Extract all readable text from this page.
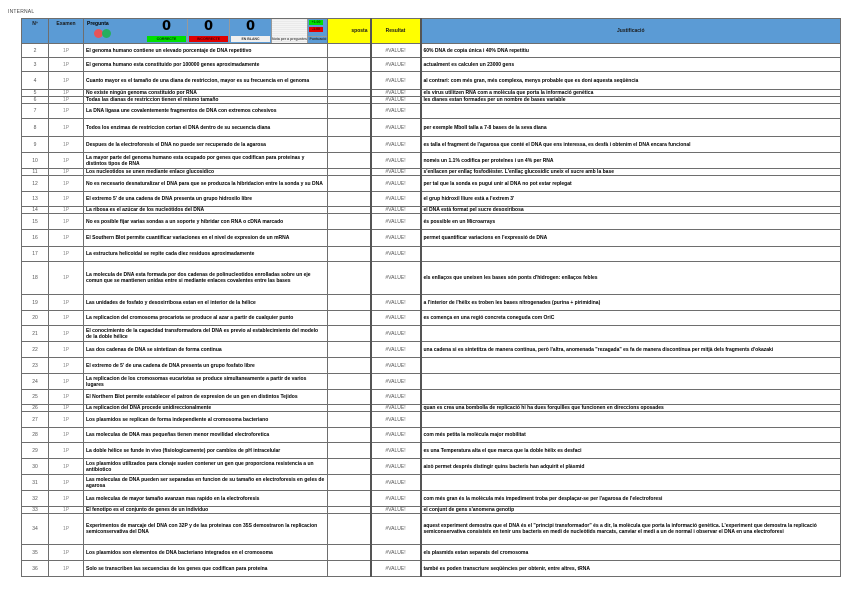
INTERNAL
Nº	Examen	Pregunta
	0
CORRECTE
0
INCORRECTE
0
EN BLANC	Nota per a preguntes
+1.00
-1.00
Puntuació
	sposta	Resultat	Justificació
2	1P	El genoma humano contiene un elevado porcentaje de DNA repetitivo		#VALUE!	60% DNA de copia única i 40% DNA repetitiu
3	1P	El genoma humano esta constituido por 100000 genes aproximadamente		#VALUE!	actualment es calculen un 23000 gens
4	1P	Cuanto mayor es el tamaño de una diana de restriccion, mayor es su frecuencia en el genoma		#VALUE!	al contrari: com més gran, més complexa, menys probable que es doni aquesta seqüència
5	1P	No existe ningún genoma constituido por RNA		#VALUE!	els virus utilitzen RNA com a molècula que porta la informació genètica
6	1P	Todas las dianas de restriccion tienen el mismo tamaño		#VALUE!	les dianes estan formades per un nombre de bases variable
7	1P	La DNA ligasa une covalentemente fragmentos de DNA con extremos cohesivos		#VALUE!	
8	1P	Todos los enzimas de restriccion cortan el DNA dentro de su secuencia diana		#VALUE!	per exemple MboII talla a 7-8 bases de la seva diana
9	1P	Despues de la electroforesis el DNA no puede ser recuperado de la agarosa		#VALUE!	es talla el fragment de l'agarosa que conté el DNA que ens interessa, es desfà i obtenim el DNA encara funcional
10	1P	La mayor parte del genoma humano esta ocupado por genes que codifican para proteinas y distintos tipos de RNA		#VALUE!	només un 1.1% codifica per proteïnes i un 4% per RNA
11	1P	Los nucleotidos se unen mediante enlace glucosidico		#VALUE!	s'enllacen per enllaç fosfodièster. L'enllaç glucosídic uneix el sucre amb la base
12	1P	No es necesario desnaturalizar el DNA para que se produzca la hibridacion entre la sonda y su DNA		#VALUE!	per tal que la sonda es pugui unir al DNA no pot estar replegat
13	1P	El extremo 5' de una cadena de DNA presenta un grupo hidroxilo libre		#VALUE!	el grup hidroxil lliure està a l'extrem 3'
14	1P	La ribosa es el azúcar de los nucleótidos del DNA		#VALUE!	el DNA està format pel sucre desoxiribosa
15	1P	No es posible fijar varias sondas a un soporte y hibridar con RNA o cDNA marcado		#VALUE!	és possible en un Microarrays
16	1P	El Southern Blot permite cuantificar variaciones en el nivel de expresion de un mRNA		#VALUE!	permet quantificar variacions en l'expressió de DNA
17	1P	La estructura helicoidal se repite cada diez residuos aproximadamente		#VALUE!	
18	1P	La molecula de DNA esta formada por dos cadenas de polinucleotidos enrolladas sobre un eje comun que se mantienen unidas entre si mediante enlaces covalentes entre las bases		#VALUE!	els enllaços que uneixen les bases són ponts d'hidrogen: enllaços febles
19	1P	Las unidades de fosfato y desoxirribosa estan en el interior de la hélice		#VALUE!	a l'interior de l'hèlix es troben les bases nitrogenades (purina + pirimidina)
20	1P	La replicacion del cromosoma procariota se produce al azar a partir de cualquier punto		#VALUE!	es comença en una regió concreta coneguda com OriC
21	1P	El conocimiento de la capacidad transformadora del DNA es previo al establecimiento del modelo de la doble hélice		#VALUE!	
22	1P	Las dos cadenas de DNA se sintetizan de forma continua		#VALUE!	una cadena si es sintetitza de manera contínua, però l'altra, anomenada "rezagada" es fa de manera discontínua per mitjà dels fragments d'okazaki
23	1P	El extremo de 5' de una cadena de DNA presenta un grupo fosfato libre		#VALUE!	
24	1P	La replicacion de los cromosomas eucariotas se produce simultaneamente a partir de varios lugares		#VALUE!	
25	1P	El Northern Blot permite establecer el patron de expresion de un gen en distintos Tejidos		#VALUE!	
26	1P	La replicacion del DNA procede unidireccionalmente		#VALUE!	quan es crea una bombolla de replicació hi ha dues forquilles que funcionen en direccions oposades
27	1P	Los plasmidos se replican de forma independiente al cromosoma bacteriano		#VALUE!	
28	1P	Las moleculas de DNA mas pequeñas tienen menor movilidad electroforetica		#VALUE!	com més petita la molècula major mobilitat
29	1P	La doble hélice se funde in vivo (fisiologicamente) por cambios de pH intracelular		#VALUE!	es una Temperatura alta el que marca que la doble hèlix es desfaci
30	1P	Los plasmidos utilizados para clonaje suelen contener un gen que proporciona resistencia a un antibiotico		#VALUE!	això permet després distingir quins bacteris han adquirit el plàsmid
31	1P	Las moleculas de DNA pueden ser separadas en funcion de su tamaño en electroforesis en geles de agarosa		#VALUE!	
32	1P	Las moleculas de mayor tamaño avanzan mas rapido en la electroforesis		#VALUE!	com més gran és la molècula més impediment troba per desplaçar-se per l'agarosa de l'electroforesi
33	1P	El fenotipo es el conjunto de genes de un individuo		#VALUE!	el conjunt de gens s'anomena genotip
34	1P	Experimentos de marcaje del DNA con 32P y de las proteinas con 35S demostraron la replicacion semiconservativa del DNA		#VALUE!	aquest experiment demostra que el DNA és el "principi transformador" és a dir, la molècula que porta la informació genètica. L'experiment que demostra la replicació semiconservativa consisteix en tenir uns bacteris en medi de nucleòtids marcats, canviar el medi a un de normal i observar el DNA en una electroforesi
35	1P	Los plasmidos son elementos de DNA bacteriano integrados en el cromosoma		#VALUE!	els plasmids estan separats del cromosoma
36	1P	Solo se transcriben las secuencias de los genes que codifican para proteína		#VALUE!	també es poden transcriure seqüències per obtenir, entre altres, tRNA
